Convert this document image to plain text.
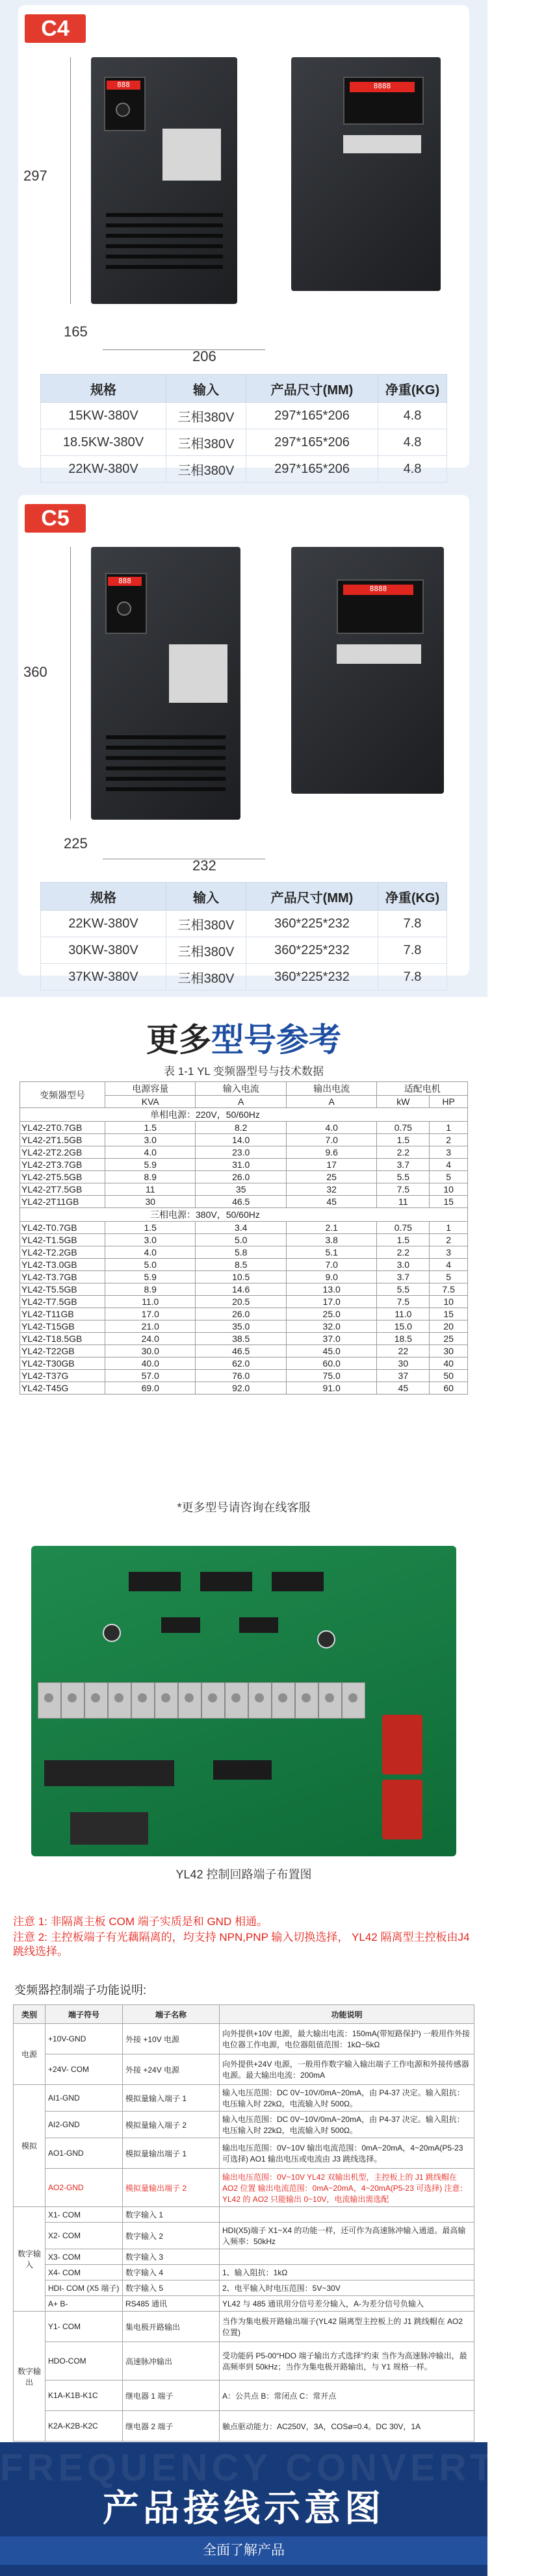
C4
888	8888
297
165
206
规格	输入	产品尺寸(MM)	净重(KG)
15KW-380V	三相380V	297*165*206	4.8
18.5KW-380V	三相380V	297*165*206	4.8
22KW-380V	三相380V	297*165*206	4.8
C5
888
8888
360
225
232
规格	输入	产品尺寸(MM)	净重(KG)
22KW-380V	三相380V	360*225*232	7.8
30KW-380V	三相380V	360*225*232	7.8
37KW-380V	三相380V	360*225*232	7.8
更多型号参考
表 1-1 YL 变频器型号与技术数据
变频器型号	电源容量	输入电流	输出电流	适配电机	
	KVA	A	A	kW	HP
单相电源：220V，50/60Hz					
YL42-2T0.7GB	1.5	8.2	4.0	0.75	1
YL42-2T1.5GB	3.0	14.0	7.0	1.5	2
YL42-2T2.2GB	4.0	23.0	9.6	2.2	3
YL42-2T3.7GB	5.9	31.0	17	3.7	4
YL42-2T5.5GB	8.9	26.0	25	5.5	5
YL42-2T7.5GB	11	35	32	7.5	10
YL42-2T11GB	30	46.5	45	11	15
三相电源：380V，50/60Hz					
YL42-T0.7GB	1.5	3.4	2.1	0.75	1
YL42-T1.5GB	3.0	5.0	3.8	1.5	2
YL42-T2.2GB	4.0	5.8	5.1	2.2	3
YL42-T3.0GB	5.0	8.5	7.0	3.0	4
YL42-T3.7GB	5.9	10.5	9.0	3.7	5
YL42-T5.5GB	8.9	14.6	13.0	5.5	7.5
YL42-T7.5GB	11.0	20.5	17.0	7.5	10
YL42-T11GB	17.0	26.0	25.0	11.0	15
YL42-T15GB	21.0	35.0	32.0	15.0	20
YL42-T18.5GB	24.0	38.5	37.0	18.5	25
YL42-T22GB	30.0	46.5	45.0	22	30
YL42-T30GB	40.0	62.0	60.0	30	40
YL42-T37G	57.0	76.0	75.0	37	50
YL42-T45G	69.0	92.0	91.0	45	60
*更多型号请咨询在线客服
YL42 控制回路端子布置图
注意 1: 非隔离主板 COM 端子实质是和 GND 相通。
注意 2: 主控板端子有光藕隔离的，均支持 NPN,PNP 输入切换选择， YL42 隔离型主控板由J4 跳线选择。
变频器控制端子功能说明:
类别	端子符号	端子名称	功能说明
电源	+10V-GND	外接 +10V 电源	向外提供+10V 电源，最大输出电流：150mA(带短路保护) 一般用作外接电位器工作电源，电位器阻值范围：1kΩ~5kΩ
	+24V- COM	外接 +24V 电源	向外提供+24V 电源，一般用作数字输入输出端子工作电源和外接传感器电源。最大输出电流：200mA
模拟	AI1-GND	模拟量输入端子 1	输入电压范围：DC 0V~10V/0mA~20mA，由 P4-37 决定。输入阻抗：电压输入时 22kΩ，电流输入时 500Ω。
	AI2-GND	模拟量输入端子 2	输入电压范围：DC 0V~10V/0mA~20mA，由 P4-37 决定。输入阻抗：电压输入时 22kΩ，电流输入时 500Ω。
	AO1-GND	模拟量输出端子 1	输出电压范围：0V~10V 输出电流范围：0mA~20mA，4~20mA(P5-23 可选择) AO1 输出电压或电流由 J3 跳线选择。
	AO2-GND	模拟量输出端子 2	输出电压范围：0V~10V YL42 双输出机型，主控板上的 J1 跳线帽在 AO2 位置 输出电流范围：0mA~20mA，4~20mA(P5-23 可选择) 注意：YL42 的 AO2 只能输出 0~10V，电流输出需选配
数字输入	X1- COM	数字输入 1	
	X2- COM	数字输入 2	HDI(X5)端子 X1~X4 的功能一样，还可作为高速脉冲输入通道。最高输入频率：50kHz
	X3- COM	数字输入 3	
	X4- COM	数字输入 4	1、输入阻抗：1kΩ
	HDI- COM (X5 端子)	数字输入 5	2、电平输入时电压范围：5V~30V
	A+ B-	RS485 通讯	YL42 与 485 通讯用分信号差分输入，A-为差分信号负输入
数字输出	Y1- COM	集电极开路输出	当作为集电极开路输出端子(YL42 隔离型主控板上的 J1 跳线帽在 AO2 位置)
	HDO-COM	高速脉冲输出	受功能码 P5-00“HDO 端子输出方式选择”约束 当作为高速脉冲输出，最高频率到 50kHz；当作为集电极开路输出，与 Y1 规格一样。
	K1A-K1B-K1C	继电器 1 端子	A：公共点 B：常闭点 C：常开点
	K2A-K2B-K2C	继电器 2 端子	触点驱动能力：AC250V，3A，COSø=0.4。DC 30V，1A
FREQUENCY CONVERTER
产品接线示意图
全面了解产品
